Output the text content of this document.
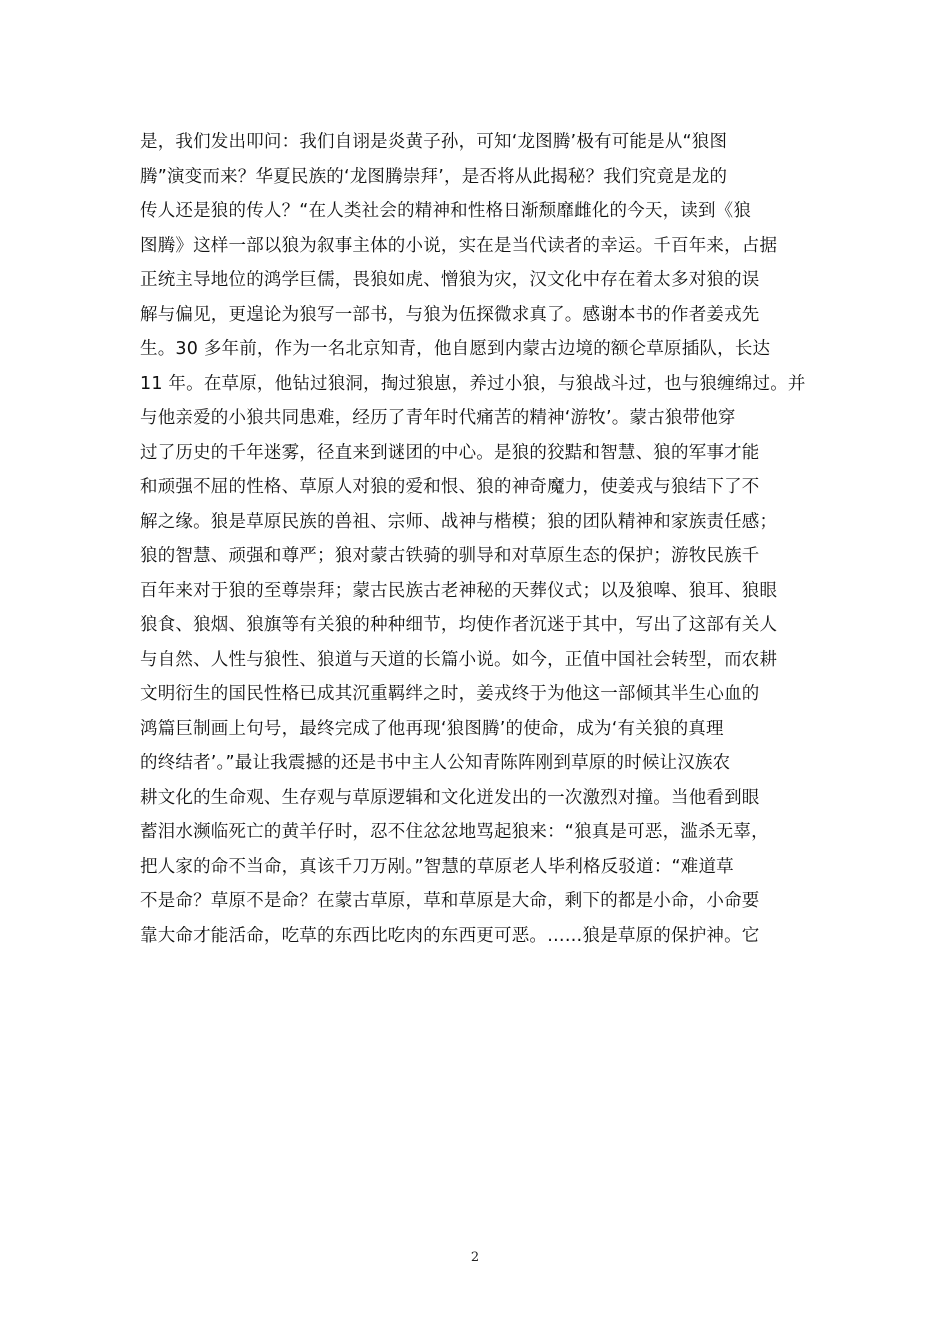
是，我们发出叩问：我们自诩是炎黄子孙，可知‘龙图腾’极有可能是从“狼图
腾”演变而来？华夏民族的‘龙图腾崇拜’，是否将从此揭秘？我们究竟是龙的
传人还是狼的传人？“在人类社会的精神和性格日渐颓靡雌化的今天，读到《狼
图腾》这样一部以狼为叙事主体的小说，实在是当代读者的幸运。千百年来，占据
正统主导地位的鸿学巨儒，畏狼如虎、憎狼为灾，汉文化中存在着太多对狼的误
解与偏见，更遑论为狼写一部书，与狼为伍探微求真了。感谢本书的作者姜戎先
生。30 多年前，作为一名北京知青，他自愿到内蒙古边境的额仑草原插队，长达
11 年。在草原，他钻过狼洞，掏过狼崽，养过小狼，与狼战斗过，也与狼缠绵过。并
与他亲爱的小狼共同患难，经历了青年时代痛苦的精神‘游牧’。蒙古狼带他穿
过了历史的千年迷雾，径直来到谜团的中心。是狼的狡黠和智慧、狼的军事才能
和顽强不屈的性格、草原人对狼的爱和恨、狼的神奇魔力，使姜戎与狼结下了不
解之缘。狼是草原民族的兽祖、宗师、战神与楷模；狼的团队精神和家族责任感；
狼的智慧、顽强和尊严；狼对蒙古铁骑的驯导和对草原生态的保护；游牧民族千
百年来对于狼的至尊崇拜；蒙古民族古老神秘的天葬仪式；以及狼嗥、狼耳、狼眼
狼食、狼烟、狼旗等有关狼的种种细节，均使作者沉迷于其中，写出了这部有关人
与自然、人性与狼性、狼道与天道的长篇小说。如今，正值中国社会转型，而农耕
文明衍生的国民性格已成其沉重羁绊之时，姜戎终于为他这一部倾其半生心血的
鸿篇巨制画上句号，最终完成了他再现‘狼图腾’的使命，成为‘有关狼的真理
的终结者’。”最让我震撼的还是书中主人公知青陈阵刚到草原的时候让汉族农
耕文化的生命观、生存观与草原逻辑和文化迸发出的一次激烈对撞。当他看到眼
蓄泪水濒临死亡的黄羊仔时，忍不住忿忿地骂起狼来：“狼真是可恶，滥杀无辜，
把人家的命不当命，真该千刀万剐。”智慧的草原老人毕利格反驳道：“难道草
不是命？草原不是命？在蒙古草原，草和草原是大命，剩下的都是小命，小命要
靠大命才能活命，吃草的东西比吃肉的东西更可恶。……狼是草原的保护神。它
2
